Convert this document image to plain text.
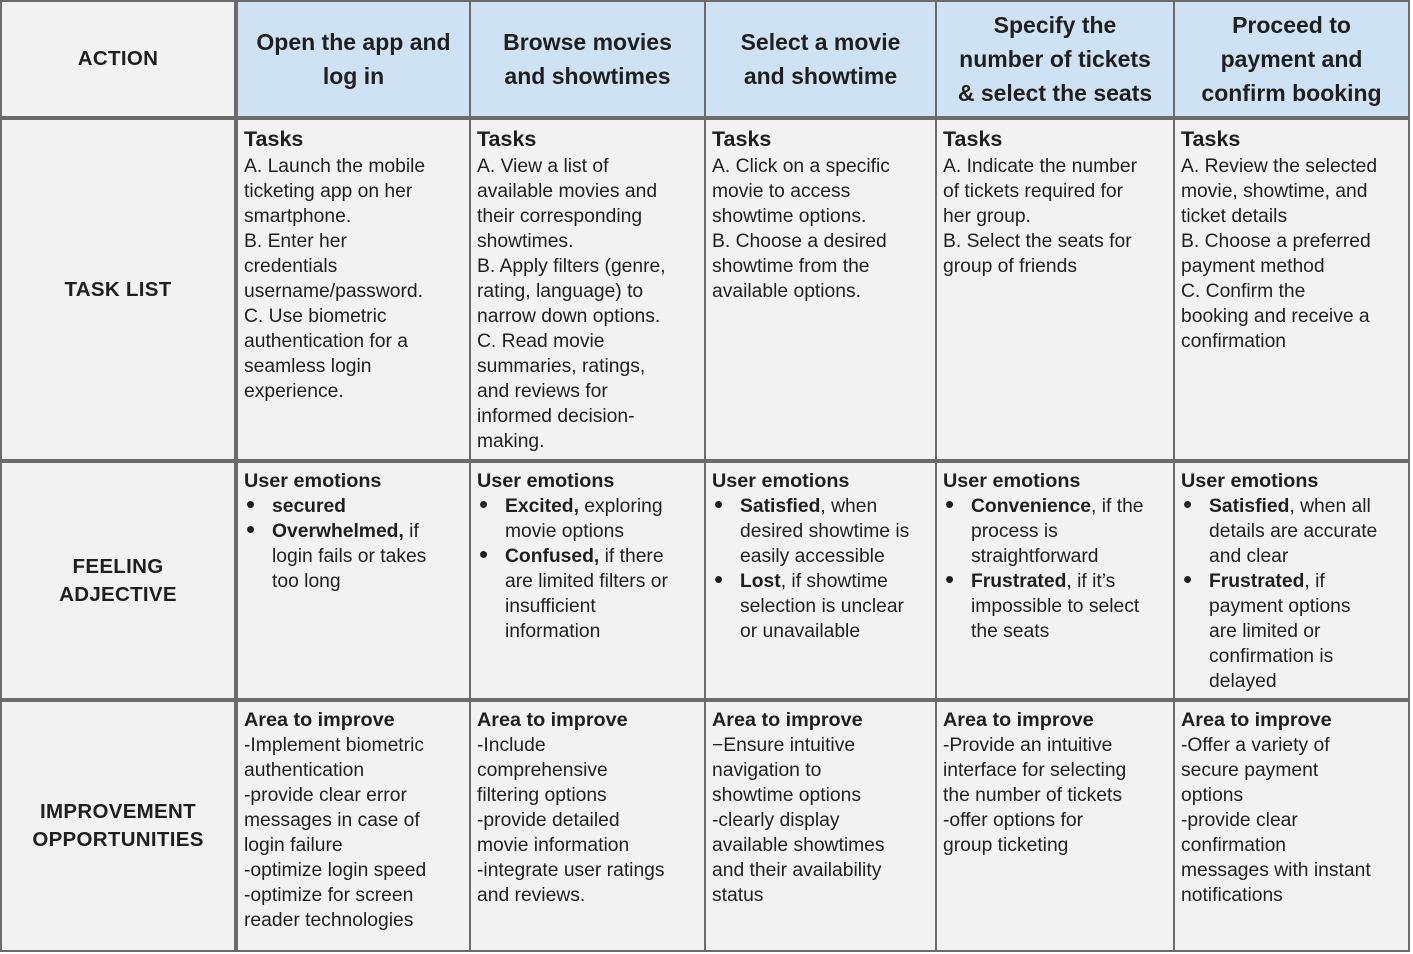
ACTION
TASK LIST
FEELING
ADJECTIVE
IMPROVEMENT
OPPORTUNITIES
Open the app and
log in
Tasks
A. Launch the mobile
ticketing app on her
smartphone.
B. Enter her
credentials
username/password.
C. Use biometric
authentication for a
seamless login
experience.
User emotions
• secured
• Overwhelmed, if
login fails or takes
too long
Area to improve
-Implement biometric
authentication
-provide clear error
messages in case of
login failure
-optimize login speed
-optimize for screen
reader technologies
Browse movies
and showtimes
Tasks
A. View a list of
available movies and
their corresponding
showtimes.
B. Apply filters (genre,
rating, language) to
narrow down options.
C. Read movie
summaries, ratings,
and reviews for
informed decision-
making.
User emotions
• Excited, exploring
movie options
• Confused, if there
are limited filters or
insufficient
information
Area to improve
-Include
comprehensive
filtering options
-provide detailed
movie information
-integrate user ratings
and reviews.
Select a movie
and showtime
Tasks
A. Click on a specific
movie to access
showtime options.
B. Choose a desired
showtime from the
available options.
User emotions
• Satisfied, when
desired showtime is
easily accessible
• Lost, if showtime
selection is unclear
or unavailable
Area to improve
−Ensure intuitive
navigation to
showtime options
-clearly display
available showtimes
and their availability
status
Specify the
number of tickets
& select the seats
Tasks
A. Indicate the number
of tickets required for
her group.
B. Select the seats for
group of friends
User emotions
• Convenience, if the
process is
straightforward
• Frustrated, if it’s
impossible to select
the seats
Area to improve
-Provide an intuitive
interface for selecting
the number of tickets
-offer options for
group ticketing
Proceed to
payment and
confirm booking
Tasks
A. Review the selected
movie, showtime, and
ticket details
B. Choose a preferred
payment method
C. Confirm the
booking and receive a
confirmation
User emotions
• Satisfied, when all
details are accurate
and clear
• Frustrated, if
payment options
are limited or
confirmation is
delayed
Area to improve
-Offer a variety of
secure payment
options
-provide clear
confirmation
messages with instant
notifications
